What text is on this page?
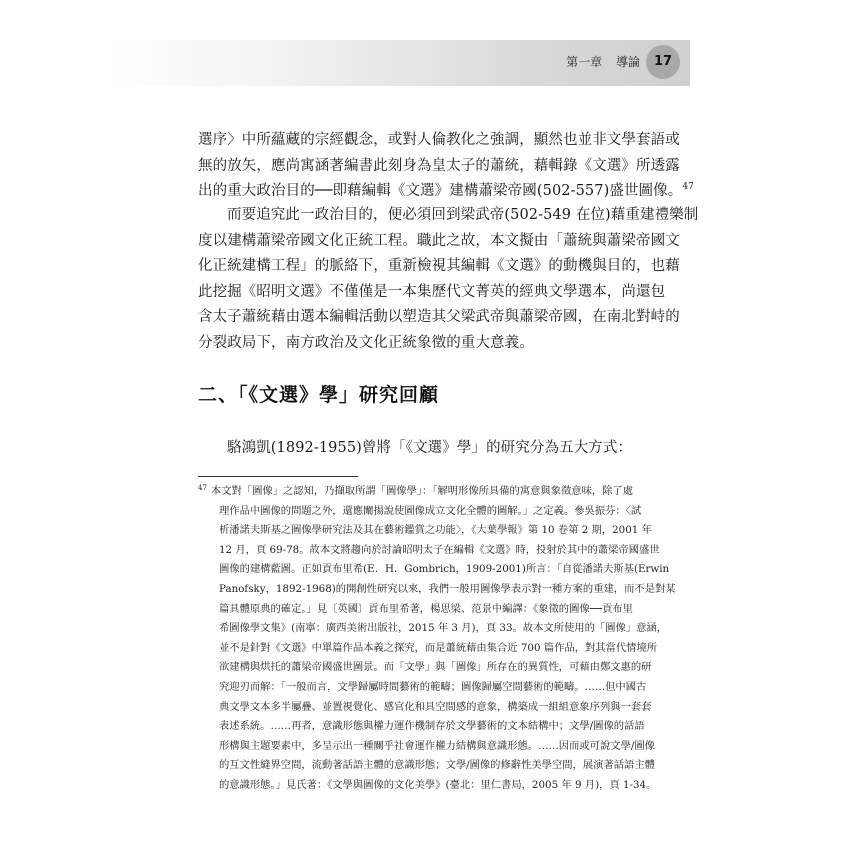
第一章 導論	17
選序〉中所蘊藏的宗經觀念，或對人倫教化之強調，顯然也並非文學套語或
無的放矢，應尚寓涵著編書此刻身為皇太子的蕭統，藉輯錄《文選》所透露
出的重大政治目的──即藉編輯《文選》建構蕭梁帝國(502-557)盛世圖像。$^{47}$
而要追究此一政治目的，便必須回到梁武帝(502-549 在位)藉重建禮樂制
度以建構蕭梁帝國文化正統工程。職此之故，本文擬由「蕭統與蕭梁帝國文
化正統建構工程」的脈絡下，重新檢視其編輯《文選》的動機與目的，也藉
此挖掘《昭明文選》不僅僅是一本集歷代文菁英的經典文學選本，尚還包
含太子蕭統藉由選本編輯活動以塑造其父梁武帝與蕭梁帝國，在南北對峙的
分裂政局下，南方政治及文化正統象徵的重大意義。
二、「《文選》學」研究回顧
駱鴻凱(1892-1955)曾將「《文選》學」的研究分為五大方式：
$^{47}$ 本文對「圖像」之認知，乃擷取所謂「圖像學」：「解明形像所具備的寓意與象徵意味，除了處
理作品中圖像的問題之外，還應闡揚說使圖像成立文化全體的圖解。」之定義。參吳振芬：〈試
析潘諾夫斯基之圖像學研究法及其在藝術鑑賞之功能〉，《大葉學報》第 10 卷第 2 期，2001 年
12 月，頁 69-78。故本文將趨向於討論昭明太子在編輯《文選》時，投射於其中的蕭梁帝國盛世
圖像的建構藍圖。正如貢布里希(E．H．Gombrich，1909-2001)所言：「自從潘諾夫斯基(Erwin
Panofsky，1892-1968)的開創性研究以來，我們一般用圖像學表示對一種方案的重建，而不是對某
篇具體原典的確定。」見〔英國〕貢布里希著，楊思梁、范景中編譯：《象徵的圖像──貢布里
希圖像學文集》(南寧：廣西美術出版社，2015 年 3 月)，頁 33。故本文所使用的「圖像」意涵，
並不是針對《文選》中單篇作品本義之探究，而是蕭統藉由集合近 700 篇作品，對其當代情境所
欲建構與烘托的蕭梁帝國盛世圖景。而「文學」與「圖像」所存在的異質性，可藉由鄭文惠的研
究迎刃而解：「一般而言，文學歸屬時間藝術的範疇；圖像歸屬空間藝術的範疇。……但中國古
典文學文本多半屬疊、並置視覺化、感官化和具空間感的意象，構築成一組組意象序列與一套套
表述系統。……再者，意識形態與權力運作機制存於文學藝術的文本結構中；文學/圖像的話語
形構與主題要素中，多呈示出一種關乎社會運作權力結構與意識形態。……因而或可說文學/圖像
的互文性縫界空間，流動著話語主體的意識形態；文學/圖像的修辭性美學空間，展演著話語主體
的意識形態。」見氏著：《文學與圖像的文化美學》(臺北：里仁書局，2005 年 9 月)，頁 1-34。
